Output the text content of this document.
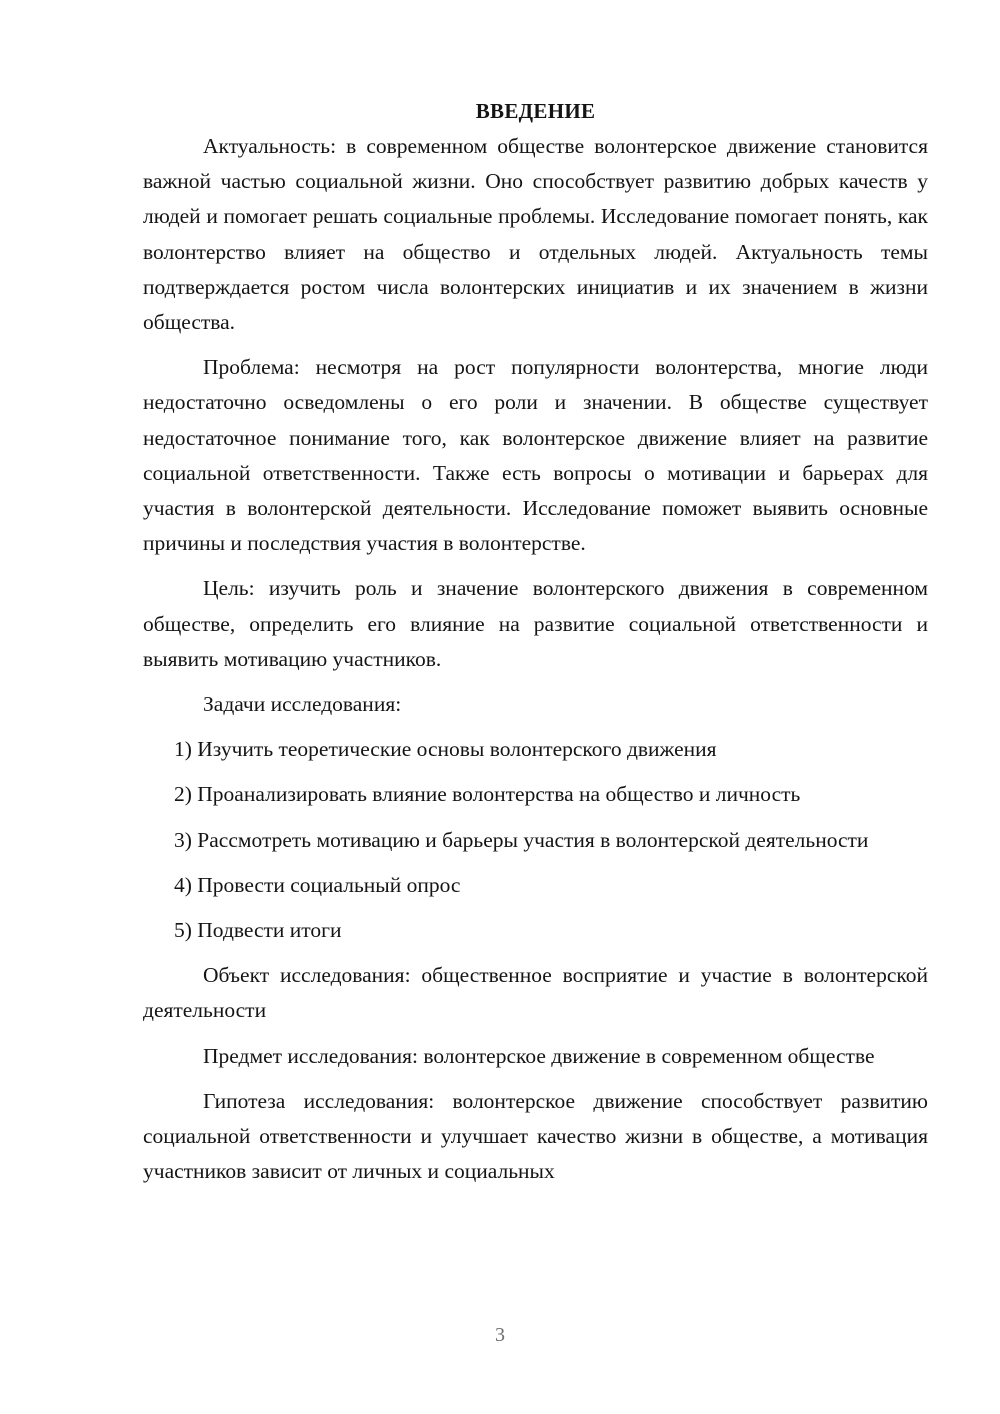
ВВЕДЕНИЕ

Актуальность: в современном обществе волонтерское движение становится важной частью социальной жизни. Оно способствует развитию добрых качеств у людей и помогает решать социальные проблемы. Исследование помогает понять, как волонтерство влияет на общество и отдельных людей. Актуальность темы подтверждается ростом числа волонтерских инициатив и их значением в жизни общества.

Проблема: несмотря на рост популярности волонтерства, многие люди недостаточно осведомлены о его роли и значении. В обществе существует недостаточное понимание того, как волонтерское движение влияет на развитие социальной ответственности. Также есть вопросы о мотивации и барьерах для участия в волонтерской деятельности. Исследование поможет выявить основные причины и последствия участия в волонтерстве.

Цель: изучить роль и значение волонтерского движения в современном обществе, определить его влияние на развитие социальной ответственности и выявить мотивацию участников.

Задачи исследования:

1) Изучить теоретические основы волонтерского движения

2) Проанализировать влияние волонтерства на общество и личность

3) Рассмотреть мотивацию и барьеры участия в волонтерской деятельности

4) Провести социальный опрос

5) Подвести итоги

Объект исследования: общественное восприятие и участие в волонтерской деятельности

Предмет исследования: волонтерское движение в современном обществе

Гипотеза исследования: волонтерское движение способствует развитию социальной ответственности и улучшает качество жизни в обществе, а мотивация участников зависит от личных и социальных

3
